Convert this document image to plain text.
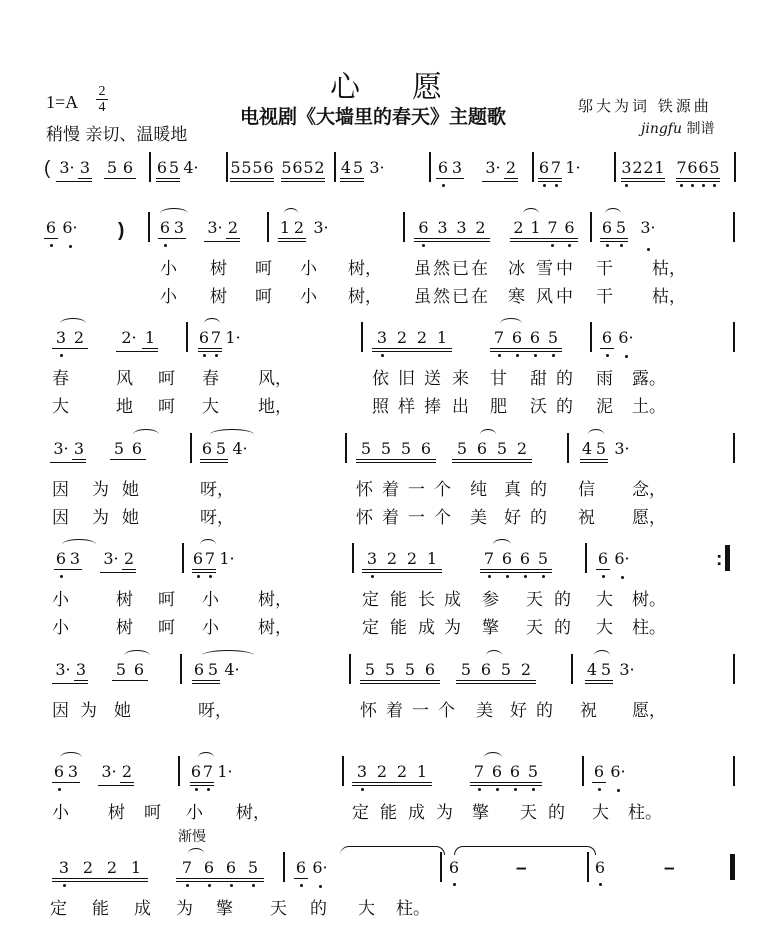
心愿
电视剧《大墙里的春天》主题歌
1=A
2
4
稍慢 亲切、温暖地
邬大为词 铁源曲
jingfu 制谱
( 3· 3 5 6 6 5 4· 5 5 5 6 5 6 5 2 4 5 3·	6 3 3· 2 6 7 1·	3 2 2 1 7 6 6 5
6 6· ) 6 3 3· 2	1 2 3·	6 3 3 2 2 1 7 6 6 5 3·
小 树 呵 小 树， 虽 然 已 在 冰 雪 中 干 枯，
小 树 呵 小 树， 虽 然 已 在 寒 风 中 干 枯，
3 2	2· 1	6 7 1·	3 2 2 1	7 6 6 5	6 6·
春	风 呵 春 风，	依 旧 送 来 甘 甜 的 雨 露。
大	地 呵 大 地，	照 样 捧 出 肥 沃 的 泥 土。
3· 3 5 6	6 5 4·	5 5 5 6	5 6 5 2	4 5 3·
因 为 她	呀，	怀 着 一 个 纯 真 的 信 念，
因 为 她	呀，	怀 着 一 个 美 好 的 祝 愿，
6 3 3· 2	6 7 1·	3 2 2 1	7 6 6 5	6 6·	:
小	树 呵 小 树，	定 能 长 成 参 天 的 大 树。
小	树 呵 小 树，	定 能 成 为 擎 天 的 大 柱。
3· 3 5 6	6 5 4·	5 5 5 6	5 6 5 2	4 5 3·
因 为 她	呀，	怀 着 一 个 美 好 的 祝 愿，
6 3 3· 2	6 7 1·	3 2 2 1	7 6 6 5	6 6·
小 树 呵 小 树，	定 能 成 为 擎 天 的 大 柱。
渐慢
3 2 2 1	7 6 6 5	6 6·	6	–	6	–
定 能 成 为 擎 天 的 大 柱。
